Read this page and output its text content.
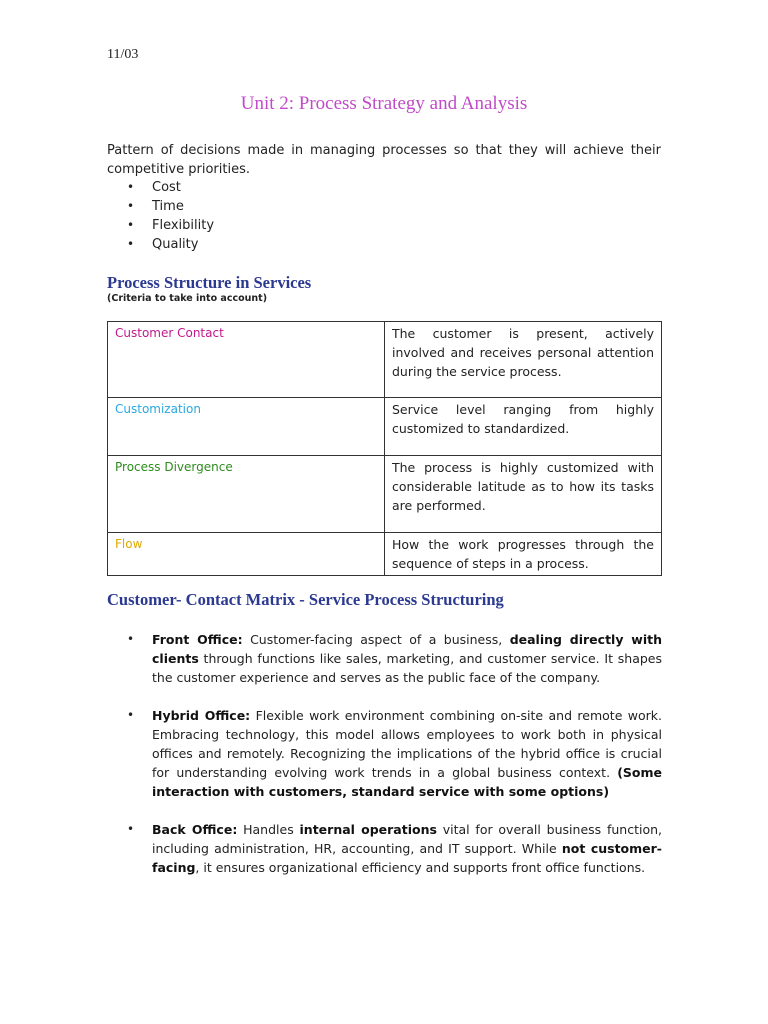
11/03
Unit 2: Process Strategy and Analysis

Pattern of decisions made in managing processes so that they will achieve their competitive priorities.

• Cost
• Time
• Flexibility
• Quality
Process Structure in Services
(Criteria to take into account)
Customer Contact	The customer is present, actively involved and receives personal attention during the service process.
Customization	Service level ranging from highly customized to standardized.
Process Divergence	The process is highly customized with considerable latitude as to how its tasks are performed.
Flow	How the work progresses through the sequence of steps in a process.
Customer- Contact Matrix - Service Process Structuring
• Front Office: Customer-facing aspect of a business, dealing directly with clients through functions like sales, marketing, and customer service. It shapes the customer experience and serves as the public face of the company.
• Hybrid Office: Flexible work environment combining on-site and remote work. Embracing technology, this model allows employees to work both in physical offices and remotely. Recognizing the implications of the hybrid office is crucial for understanding evolving work trends in a global business context. (Some interaction with customers, standard service with some options)
• Back Office: Handles internal operations vital for overall business function, including administration, HR, accounting, and IT support. While not customer-facing, it ensures organizational efficiency and supports front office functions.
